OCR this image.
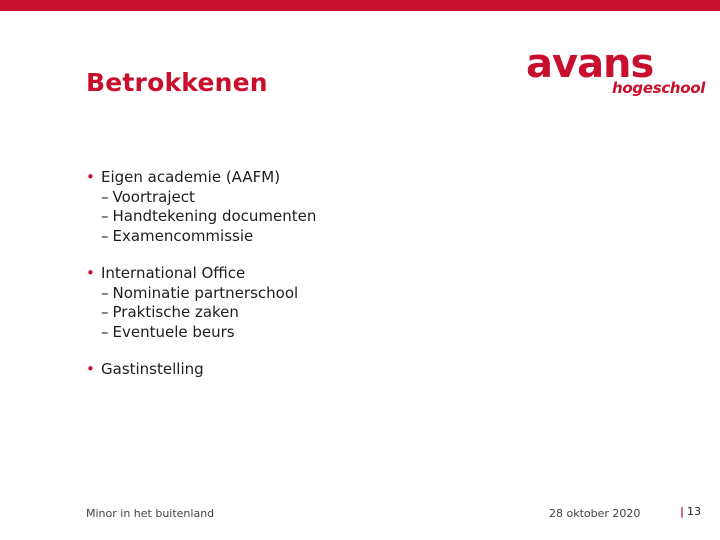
Betrokkenen	avans
hogeschool
• Eigen academie (AAFM)
– Voortraject
– Handtekening documenten
– Examencommissie
• International Office
– Nominatie partnerschool
– Praktische zaken
– Eventuele beurs
• Gastinstelling
Minor in het buitenland	28 oktober 2020	| 13
